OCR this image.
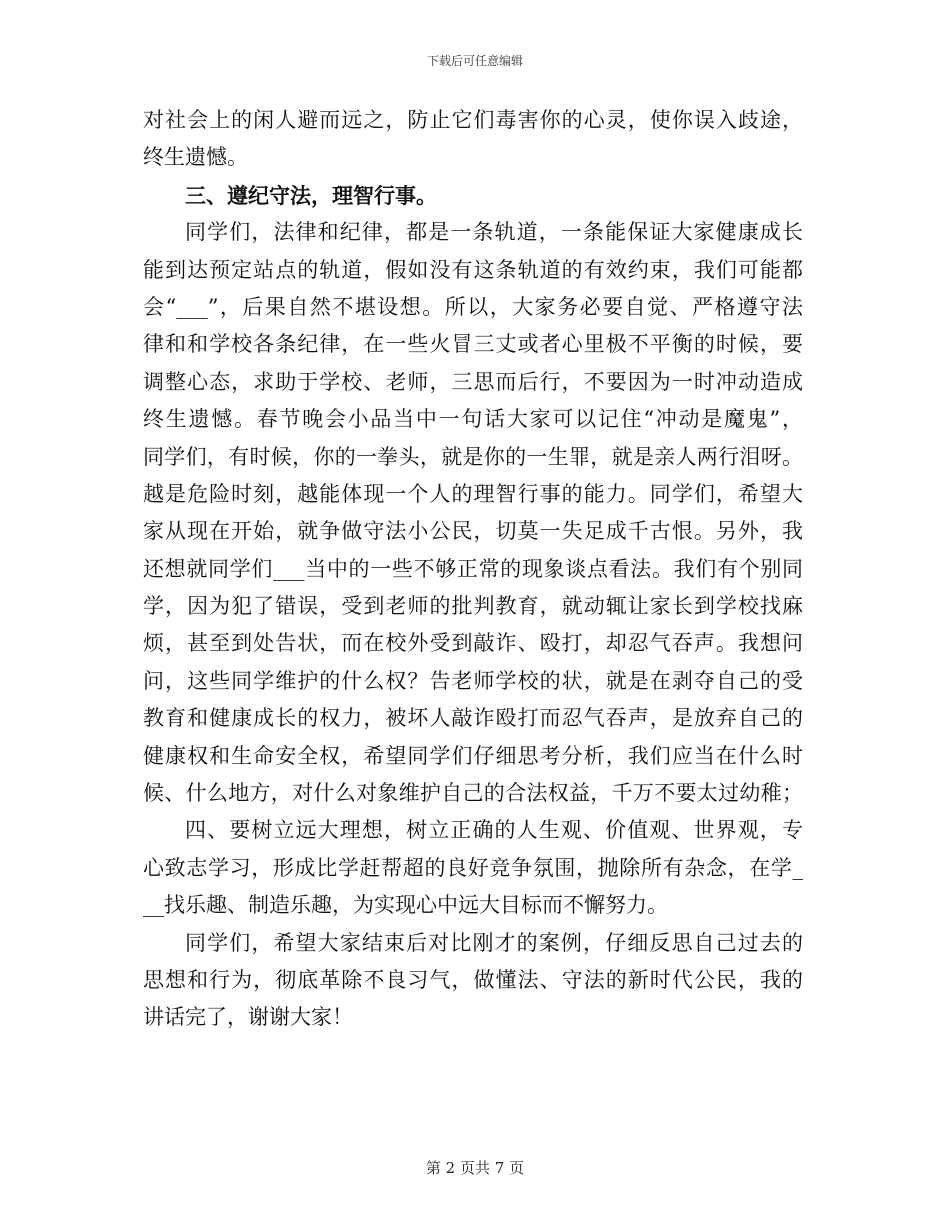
下载后可任意编辑
对社会上的闲人避而远之，防止它们毒害你的心灵，使你误入歧途，
终生遗憾。
三、遵纪守法，理智行事。
同学们，法律和纪律，都是一条轨道，一条能保证大家健康成长
能到达预定站点的轨道，假如没有这条轨道的有效约束，我们可能都
会“___”，后果自然不堪设想。所以，大家务必要自觉、严格遵守法
律和和学校各条纪律，在一些火冒三丈或者心里极不平衡的时候，要
调整心态，求助于学校、老师，三思而后行，不要因为一时冲动造成
终生遗憾。春节晚会小品当中一句话大家可以记住“冲动是魔鬼”，
同学们，有时候，你的一拳头，就是你的一生罪，就是亲人两行泪呀。
越是危险时刻，越能体现一个人的理智行事的能力。同学们，希望大
家从现在开始，就争做守法小公民，切莫一失足成千古恨。另外，我
还想就同学们___当中的一些不够正常的现象谈点看法。我们有个别同
学，因为犯了错误，受到老师的批判教育，就动辄让家长到学校找麻
烦，甚至到处告状，而在校外受到敲诈、殴打，却忍气吞声。我想问
问，这些同学维护的什么权？告老师学校的状，就是在剥夺自己的受
教育和健康成长的权力，被坏人敲诈殴打而忍气吞声，是放弃自己的
健康权和生命安全权，希望同学们仔细思考分析，我们应当在什么时
候、什么地方，对什么对象维护自己的合法权益，千万不要太过幼稚；
四、要树立远大理想，树立正确的人生观、价值观、世界观，专
心致志学习，形成比学赶帮超的良好竞争氛围，抛除所有杂念，在学_
__找乐趣、制造乐趣，为实现心中远大目标而不懈努力。
同学们，希望大家结束后对比刚才的案例，仔细反思自己过去的
思想和行为，彻底革除不良习气，做懂法、守法的新时代公民，我的
讲话完了，谢谢大家！
第 2 页共 7 页
